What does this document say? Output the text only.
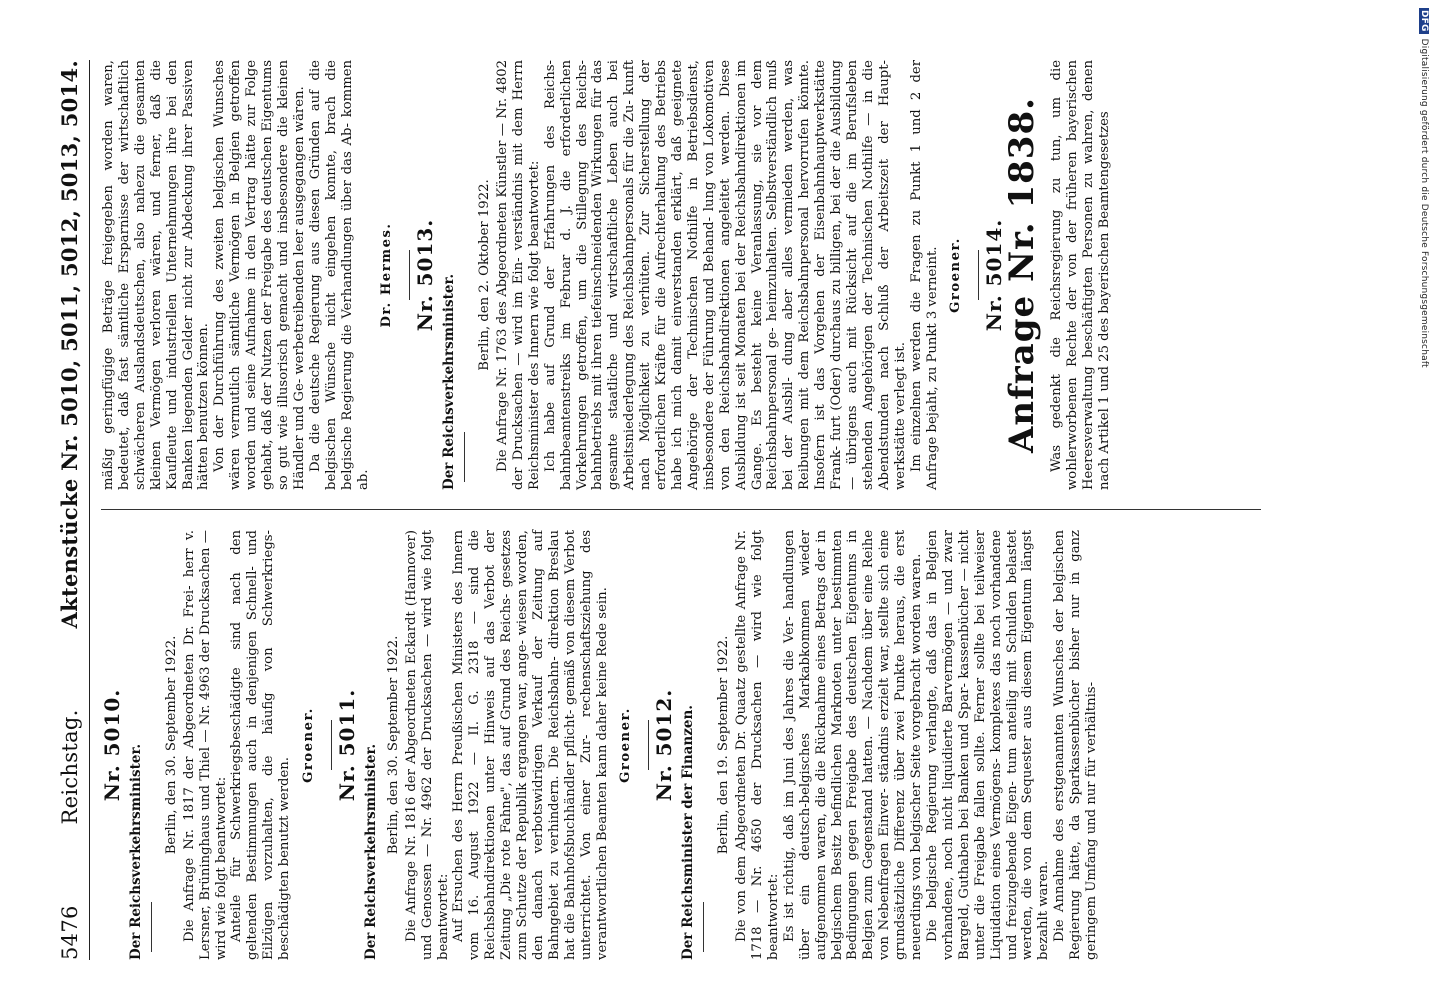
5476
Reichstag.
Aktenstücke Nr. 5010, 5011, 5012, 5013, 5014.
Nr. 5010. Der Reichsverkehrsminister. Berlin, den 30. September 1922. Die Anfrage Nr. 1817 der Abgeordneten Dr. Frei- herr v. Lersner, Brüninghaus und Thiel — Nr. 4963 der Drucksachen — wird wie folgt beantwortet: Anteile für Schwerkriegsbeschädigte sind nach den geltenden Bestimmungen auch in denjenigen Schnell- und Eilzügen vorzuhalten, die häufig von Schwerkriegs- beschädigten benutzt werden.

Groener. Nr. 5011. Der Reichsverkehrsminister. Berlin, den 30. September 1922. Die Anfrage Nr. 1816 der Abgeordneten Eckardt (Hannover) und Genossen — Nr. 4962 der Drucksachen — wird wie folgt beantwortet: Auf Ersuchen des Herrn Preußischen Ministers des Innern vom 16. August 1922 — II. G. 2318 — sind die Reichsbahndirektionen unter Hinweis auf das Verbot der Zeitung „Die rote Fahne", das auf Grund des Reichs- gesetzes zum Schutze der Republik ergangen war, ange- wiesen worden, den danach verbotswidrigen Verkauf der Zeitung auf Bahngebiet zu verhindern. Die Reichsbahn- direktion Breslau hat die Bahnhofsbuchhändler pflicht- gemäß von diesem Verbot unterrichtet. Von einer Zur- rechenschaftsziehung des verantwortlichen Beamten kann daher keine Rede sein. Groener. Nr. 5012. Der Reichsminister der Finanzen. Berlin, den 19. September 1922. Die von dem Abgeordneten Dr. Quaatz gestellte Anfrage Nr. 1718 — Nr. 4650 der Drucksachen — wird wie folgt beantwortet: Es ist richtig, daß im Juni des Jahres die Ver- handlungen über ein deutsch-belgisches Markabkommen wieder aufgenommen waren, die die Rücknahme eines Betrags der in belgischem Besitz befindlichen Marknoten unter bestimmten Bedingungen gegen Freigabe des deutschen Eigentums in Belgien zum Gegenstand hatten. — Nachdem über eine Reihe von Nebenfragen Einver- ständnis erzielt war, stellte sich eine grundsätzliche Differenz über zwei Punkte heraus, die erst neuerdings von belgischer Seite vorgebracht worden waren. Die belgische Regierung verlangte, daß das in Belgien vorhandene, noch nicht liquidierte Barvermögen — und zwar Bargeld, Guthaben bei Banken und Spar- kassenbücher — nicht unter die Freigabe fallen sollte. Ferner sollte bei teilweiser Liquidation eines Vermögens- komplexes das noch vorhandene und freizugebende Eigen- tum anteilig mit Schulden belastet werden, die von dem Sequester aus diesem Eigentum längst bezahlt waren. Die Annahme des erstgenannten Wunsches der belgischen Regierung hätte, da Sparkassenbücher bisher nur in ganz geringem Umfang und nur für verhältnis-

mäßig geringfügige Beträge freigegeben worden waren, bedeutet, daß fast sämtliche Ersparnisse der wirtschaftlich schwächeren Auslandsdeutschen, also nahezu die gesamten kleinen Vermögen verloren wären, und ferner, daß die Kaufleute und industriellen Unternehmungen ihre bei den Banken liegenden Gelder nicht zur Abdeckung ihrer Passiven hätten benutzen können. Von der Durchführung des zweiten belgischen Wunsches wären vermutlich sämtliche Vermögen in Belgien getroffen worden und seine Aufnahme in den Vertrag hätte zur Folge gehabt, daß der Nutzen der Freigabe des deutschen Eigentums so gut wie illusorisch gemacht und insbesondere die kleinen Händler und Ge- werbetreibenden leer ausgegangen wären. Da die deutsche Regierung aus diesen Gründen auf die belgischen Wünsche nicht eingehen konnte, brach die belgische Regierung die Verhandlungen über das Ab- kommen ab.

Dr. Hermes. Nr. 5013. Der Reichsverkehrsminister. Berlin, den 2. Oktober 1922. Die Anfrage Nr. 1763 des Abgeordneten Künstler — Nr. 4802 der Drucksachen — wird im Ein- verständnis mit dem Herrn Reichsminister des Innern wie folgt beantwortet: Ich habe auf Grund der Erfahrungen des Reichs- bahnbeamtenstreiks im Februar d. J. die erforderlichen Vorkehrungen getroffen, um die Stillegung des Reichs- bahnbetriebs mit ihren tiefeinschneidenden Wirkungen für das gesamte staatliche und wirtschaftliche Leben auch bei Arbeitsniederlegung des Reichsbahnpersonals für die Zu- kunft nach Möglichkeit zu verhüten. Zur Sicherstellung der erforderlichen Kräfte für die Aufrechterhaltung des Betriebs habe ich mich damit einverstanden erklärt, daß geeignete Angehörige der Technischen Nothilfe in Betriebsdienst, insbesondere der Führung und Behand- lung von Lokomotiven von den Reichsbahndirektionen angeleitet werden. Diese Ausbildung ist seit Monaten bei der Reichsbahndirektionen im Gange. Es besteht keine Veranlassung, sie vor dem Reichsbahnpersonal ge- heimzuhalten. Selbstverständlich muß bei der Ausbil- dung aber alles vermieden werden, was Reibungen mit dem Reichsbahnpersonal hervorrufen könnte. Insofern ist das Vorgehen der Eisenbahnhauptwerkstätte Frank- furt (Oder) durchaus zu billigen, bei der die Ausbildung — übrigens auch mit Rücksicht auf die im Berufsleben stehenden Angehörigen der Technischen Nothilfe — in die Abendstunden nach Schluß der Arbeitszeit der Haupt- werkstätte verlegt ist. Im einzelnen werden die Fragen zu Punkt 1 und 2 der Anfrage bejaht, zu Punkt 3 verneint. Groener. Nr. 5014.
Anfrage Nr. 1838. Was gedenkt die Reichsregierung zu tun, um die wohlerworbenen Rechte der von der früheren bayerischen Heeresverwaltung beschäftigten Personen zu wahren, denen nach Artikel 1 und 25 des bayerischen Beamtengesetzes

DFGDigitalisierung gefördert durch die Deutsche Forschungsgemeinschaft
